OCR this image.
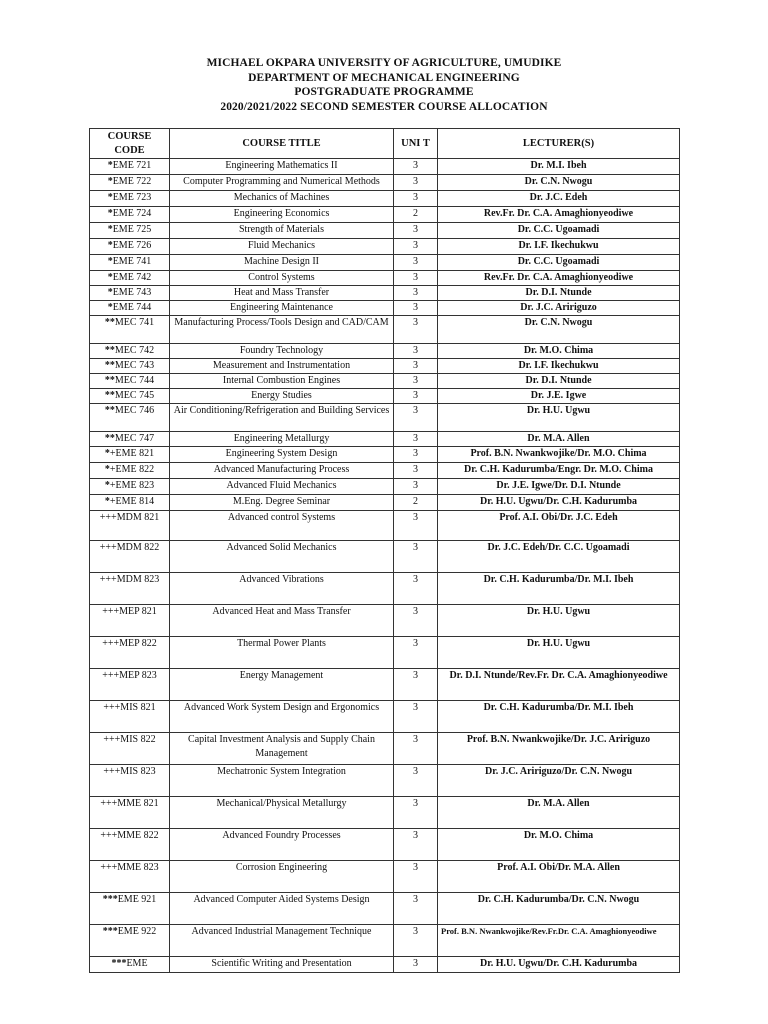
MICHAEL OKPARA UNIVERSITY OF AGRICULTURE, UMUDIKE
DEPARTMENT OF MECHANICAL ENGINEERING
POSTGRADUATE PROGRAMME
2020/2021/2022 SECOND SEMESTER COURSE ALLOCATION
COURSE CODE	COURSE TITLE	UNI T	LECTURER(S)
*EME 721	Engineering Mathematics II	3	Dr. M.I. Ibeh
*EME 722	Computer Programming and Numerical Methods	3	Dr. C.N. Nwogu
*EME 723	Mechanics of Machines	3	Dr. J.C. Edeh
*EME 724	Engineering Economics	2	Rev.Fr. Dr. C.A. Amaghionyeodiwe
*EME 725	Strength of Materials	3	Dr. C.C. Ugoamadi
*EME 726	Fluid Mechanics	3	Dr. I.F. Ikechukwu
*EME 741	Machine Design II	3	Dr. C.C. Ugoamadi
*EME 742	Control Systems	3	Rev.Fr. Dr. C.A. Amaghionyeodiwe
*EME 743	Heat and Mass Transfer	3	Dr. D.I. Ntunde
*EME 744	Engineering Maintenance	3	Dr. J.C. Aririguzo
**MEC 741	Manufacturing Process/Tools Design and CAD/CAM	3	Dr. C.N. Nwogu
**MEC 742	Foundry Technology	3	Dr. M.O. Chima
**MEC 743	Measurement and Instrumentation	3	Dr. I.F. Ikechukwu
**MEC 744	Internal Combustion Engines	3	Dr. D.I. Ntunde
**MEC 745	Energy Studies	3	Dr. J.E. Igwe
**MEC 746	Air Conditioning/Refrigeration and Building Services	3	Dr. H.U. Ugwu
**MEC 747	Engineering Metallurgy	3	Dr. M.A. Allen
*+EME 821	Engineering System Design	3	Prof. B.N. Nwankwojike/Dr. M.O. Chima
*+EME 822	Advanced Manufacturing Process	3	Dr. C.H. Kadurumba/Engr. Dr. M.O. Chima
*+EME 823	Advanced Fluid Mechanics	3	Dr. J.E. Igwe/Dr. D.I. Ntunde
*+EME 814	M.Eng. Degree Seminar	2	Dr. H.U. Ugwu/Dr. C.H. Kadurumba
+++MDM 821	Advanced control Systems	3	Prof. A.I. Obi/Dr. J.C. Edeh
+++MDM 822	Advanced Solid Mechanics	3	Dr. J.C. Edeh/Dr. C.C. Ugoamadi
+++MDM 823	Advanced Vibrations	3	Dr. C.H. Kadurumba/Dr. M.I. Ibeh
+++MEP 821	Advanced Heat and Mass Transfer	3	Dr. H.U. Ugwu
+++MEP 822	Thermal Power Plants	3	Dr. H.U. Ugwu
+++MEP 823	Energy Management	3	Dr. D.I. Ntunde/Rev.Fr. Dr. C.A. Amaghionyeodiwe
+++MIS 821	Advanced Work System Design and Ergonomics	3	Dr. C.H. Kadurumba/Dr. M.I. Ibeh
+++MIS 822	Capital Investment Analysis and Supply Chain Management	3	Prof. B.N. Nwankwojike/Dr. J.C. Aririguzo
+++MIS 823	Mechatronic System Integration	3	Dr. J.C. Aririguzo/Dr. C.N. Nwogu
+++MME 821	Mechanical/Physical Metallurgy	3	Dr. M.A. Allen
+++MME 822	Advanced Foundry Processes	3	Dr. M.O. Chima
+++MME 823	Corrosion Engineering	3	Prof. A.I. Obi/Dr. M.A. Allen
***EME 921	Advanced Computer Aided Systems Design	3	Dr. C.H. Kadurumba/Dr. C.N. Nwogu
***EME 922	Advanced Industrial Management Technique	3	Prof. B.N. Nwankwojike/Rev.Fr.Dr. C.A. Amaghionyeodiwe
***EME	Scientific Writing and Presentation	3	Dr. H.U. Ugwu/Dr. C.H. Kadurumba
